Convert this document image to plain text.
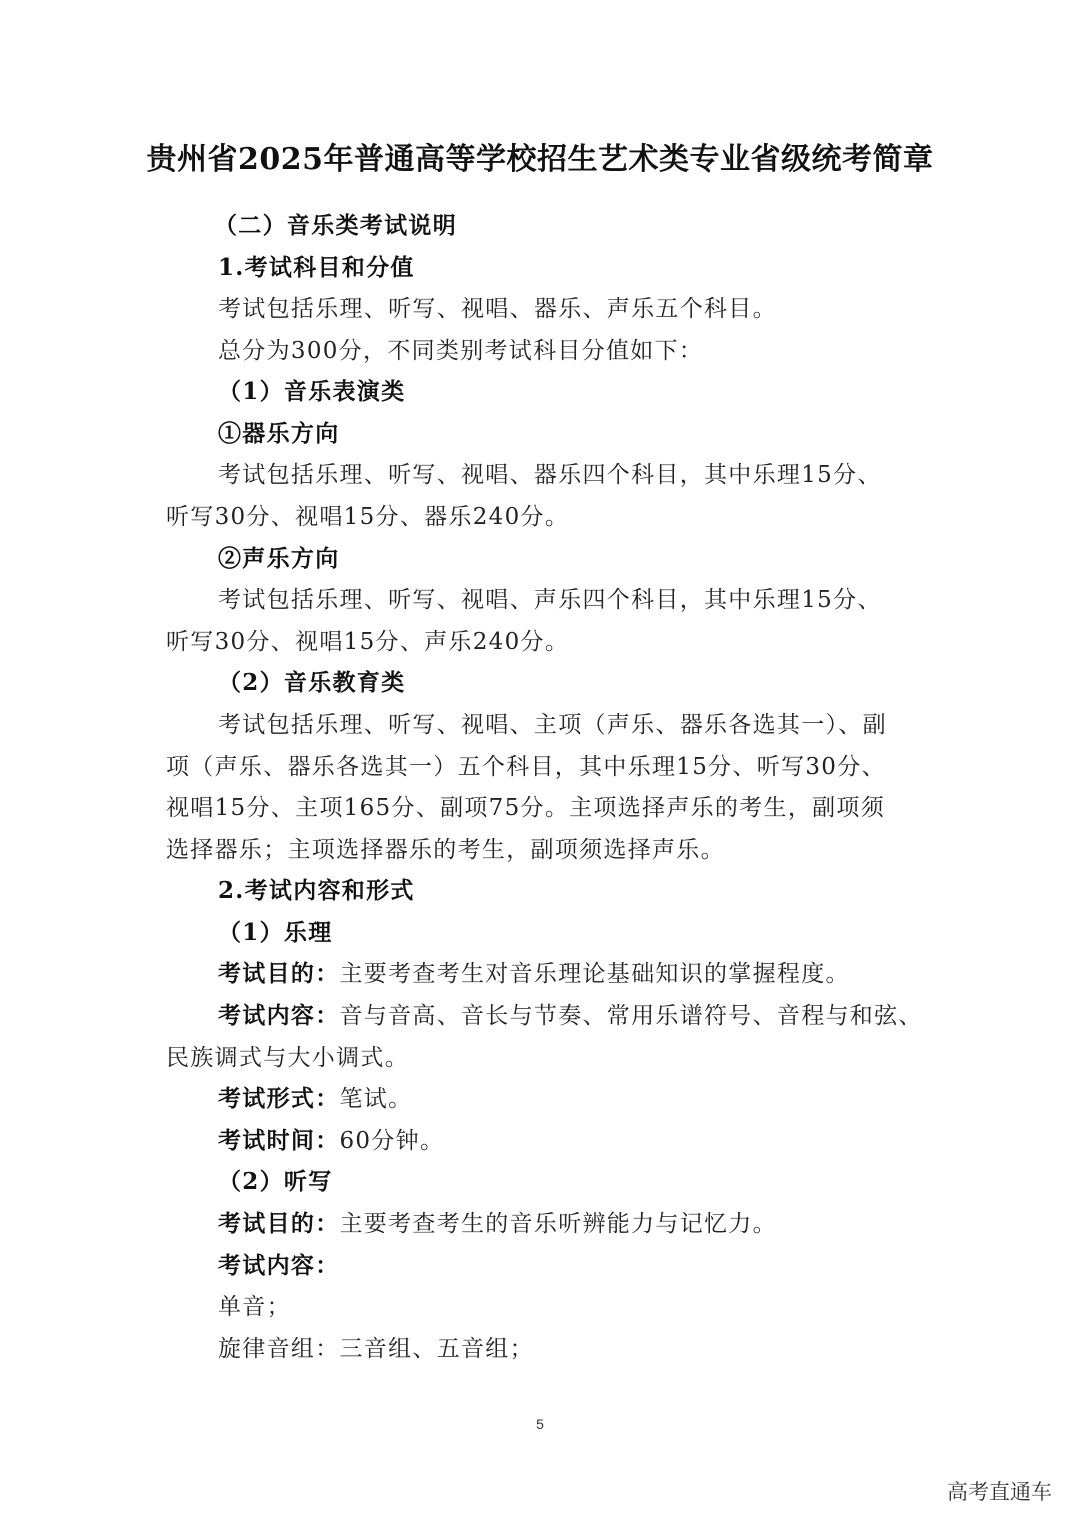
贵州省2025年普通高等学校招生艺术类专业省级统考简章
（二）音乐类考试说明
1.考试科目和分值
考试包括乐理、听写、视唱、器乐、声乐五个科目。
总分为300分，不同类别考试科目分值如下：
（1）音乐表演类
①器乐方向
考试包括乐理、听写、视唱、器乐四个科目，其中乐理15分、
听写30分、视唱15分、器乐240分。
②声乐方向
考试包括乐理、听写、视唱、声乐四个科目，其中乐理15分、
听写30分、视唱15分、声乐240分。
（2）音乐教育类
考试包括乐理、听写、视唱、主项（声乐、器乐各选其一）、副
项（声乐、器乐各选其一）五个科目，其中乐理15分、听写30分、
视唱15分、主项165分、副项75分。主项选择声乐的考生，副项须
选择器乐；主项选择器乐的考生，副项须选择声乐。
2.考试内容和形式
（1）乐理
考试目的：主要考查考生对音乐理论基础知识的掌握程度。
考试内容：音与音高、音长与节奏、常用乐谱符号、音程与和弦、
民族调式与大小调式。
考试形式：笔试。
考试时间：60分钟。
（2）听写
考试目的：主要考查考生的音乐听辨能力与记忆力。
考试内容：
单音；
旋律音组：三音组、五音组；
5
高考直通车
